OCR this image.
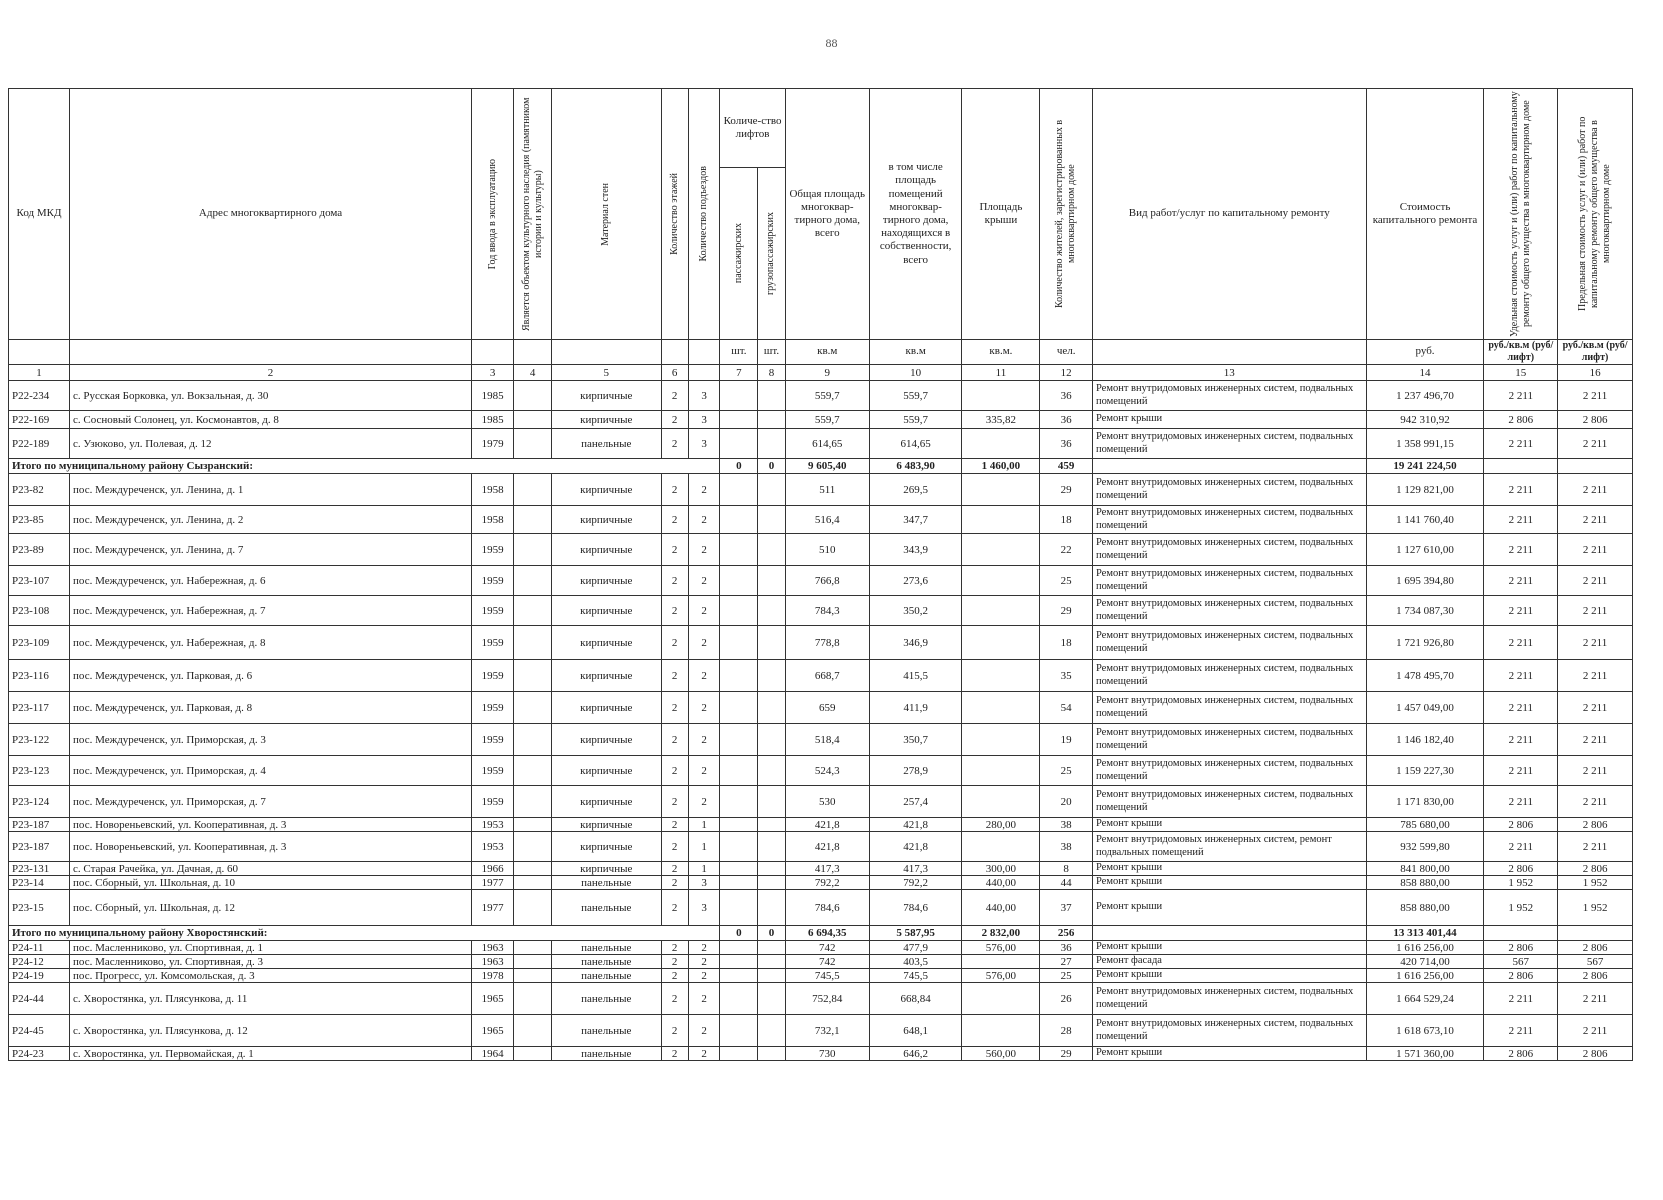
88
Код МКД	Адрес многоквартирного дома	Год ввода в эксплуатацию	Является объектом культурного наследия (памятником истории и культуры)	Материал стен	Количество этажей	Количество подъездов	Количе-ство лифтов		Общая площадь многоквар-тирного дома, всего	в том числе площадь помещений многоквар-тирного дома, находящихся в собственности, всего	Площадь крыши	Количество жителей, зарегистрированных в многоквартирном доме	Вид работ/услуг по капитальному ремонту	Стоимость капитального ремонта	Удельная стоимость услуг и (или) работ по капитальному ремонту общего имущества в многоквартирном доме	Предельная стоимость услуг и (или) работ по капитальному ремонту общего имущества в многоквартирном доме

							пассажирских	грузопассажирских								

							шт.	шт.	кв.м	кв.м	кв.м.	чел.		руб.	руб./кв.м (руб/лифт)	руб./кв.м (руб/лифт)
1	2	3	4	5	6		7	8	9	10	11	12	13	14	15	16
Р22-234	с. Русская Борковка, ул. Вокзальная, д. 30	1985		кирпичные	2	3			559,7	559,7		36	Ремонт внутридомовых инженерных систем, подвальных помещений	1 237 496,70	2 211	2 211
Р22-169	с. Сосновый Солонец, ул. Космонавтов, д. 8	1985		кирпичные	2	3			559,7	559,7	335,82	36	Ремонт крыши	942 310,92	2 806	2 806
Р22-189	с. Узюково, ул. Полевая, д. 12	1979		панельные	2	3			614,65	614,65		36	Ремонт внутридомовых инженерных систем, подвальных помещений	1 358 991,15	2 211	2 211
Итого по муниципальному району Сызранский:							0	0	9 605,40	6 483,90	1 460,00	459		19 241 224,50		
Р23-82	пос. Междуреченск, ул. Ленина, д. 1	1958		кирпичные	2	2			511	269,5		29	Ремонт внутридомовых инженерных систем, подвальных помещений	1 129 821,00	2 211	2 211
Р23-85	пос. Междуреченск, ул. Ленина, д. 2	1958		кирпичные	2	2			516,4	347,7		18	Ремонт внутридомовых инженерных систем, подвальных помещений	1 141 760,40	2 211	2 211
Р23-89	пос. Междуреченск, ул. Ленина, д. 7	1959		кирпичные	2	2			510	343,9		22	Ремонт внутридомовых инженерных систем, подвальных помещений	1 127 610,00	2 211	2 211
Р23-107	пос. Междуреченск, ул. Набережная, д. 6	1959		кирпичные	2	2			766,8	273,6		25	Ремонт внутридомовых инженерных систем, подвальных помещений	1 695 394,80	2 211	2 211
Р23-108	пос. Междуреченск, ул. Набережная, д. 7	1959		кирпичные	2	2			784,3	350,2		29	Ремонт внутридомовых инженерных систем, подвальных помещений	1 734 087,30	2 211	2 211
Р23-109	пос. Междуреченск, ул. Набережная, д. 8	1959		кирпичные	2	2			778,8	346,9		18	Ремонт внутридомовых инженерных систем, подвальных помещений	1 721 926,80	2 211	2 211
Р23-116	пос. Междуреченск, ул. Парковая, д. 6	1959		кирпичные	2	2			668,7	415,5		35	Ремонт внутридомовых инженерных систем, подвальных помещений	1 478 495,70	2 211	2 211
Р23-117	пос. Междуреченск, ул. Парковая, д. 8	1959		кирпичные	2	2			659	411,9		54	Ремонт внутридомовых инженерных систем, подвальных помещений	1 457 049,00	2 211	2 211
Р23-122	пос. Междуреченск, ул. Приморская, д. 3	1959		кирпичные	2	2			518,4	350,7		19	Ремонт внутридомовых инженерных систем, подвальных помещений	1 146 182,40	2 211	2 211
Р23-123	пос. Междуреченск, ул. Приморская, д. 4	1959		кирпичные	2	2			524,3	278,9		25	Ремонт внутридомовых инженерных систем, подвальных помещений	1 159 227,30	2 211	2 211
Р23-124	пос. Междуреченск, ул. Приморская, д. 7	1959		кирпичные	2	2			530	257,4		20	Ремонт внутридомовых инженерных систем, подвальных помещений	1 171 830,00	2 211	2 211
Р23-187	пос. Новореньевский, ул. Кооперативная, д. 3	1953		кирпичные	2	1			421,8	421,8	280,00	38	Ремонт крыши	785 680,00	2 806	2 806
Р23-187	пос. Новореньевский, ул. Кооперативная, д. 3	1953		кирпичные	2	1			421,8	421,8		38	Ремонт внутридомовых инженерных систем, ремонт подвальных помещений	932 599,80	2 211	2 211
Р23-131	с. Старая Рачейка, ул. Дачная, д. 60	1966		кирпичные	2	1			417,3	417,3	300,00	8	Ремонт крыши	841 800,00	2 806	2 806
Р23-14	пос. Сборный, ул. Школьная, д. 10	1977		панельные	2	3			792,2	792,2	440,00	44	Ремонт крыши	858 880,00	1 952	1 952
Р23-15	пос. Сборный, ул. Школьная, д. 12	1977		панельные	2	3			784,6	784,6	440,00	37	Ремонт крыши	858 880,00	1 952	1 952
Итого по муниципальному району Хворостянский:							0	0	6 694,35	5 587,95	2 832,00	256		13 313 401,44		
Р24-11	пос. Масленниково, ул. Спортивная, д. 1	1963		панельные	2	2			742	477,9	576,00	36	Ремонт крыши	1 616 256,00	2 806	2 806
Р24-12	пос. Масленниково, ул. Спортивная, д. 3	1963		панельные	2	2			742	403,5		27	Ремонт фасада	420 714,00	567	567
Р24-19	пос. Прогресс, ул. Комсомольская, д. 3	1978		панельные	2	2			745,5	745,5	576,00	25	Ремонт крыши	1 616 256,00	2 806	2 806
Р24-44	с. Хворостянка, ул. Плясункова, д. 11	1965		панельные	2	2			752,84	668,84		26	Ремонт внутридомовых инженерных систем, подвальных помещений	1 664 529,24	2 211	2 211
Р24-45	с. Хворостянка, ул. Плясункова, д. 12	1965		панельные	2	2			732,1	648,1		28	Ремонт внутридомовых инженерных систем, подвальных помещений	1 618 673,10	2 211	2 211
Р24-23	с. Хворостянка, ул. Первомайская, д. 1	1964		панельные	2	2			730	646,2	560,00	29	Ремонт крыши	1 571 360,00	2 806	2 806
